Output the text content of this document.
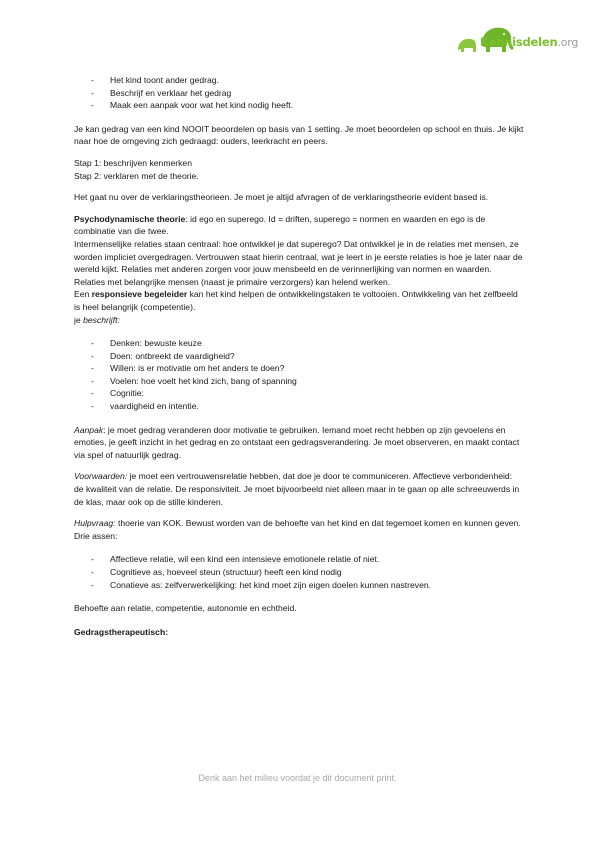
Kennisdelen.org

- Het kind toont ander gedrag.

- Beschrijf en verklaar het gedrag

- Maak een aanpak voor wat het kind nodig heeft.

Je kan gedrag van een kind NOOIT beoordelen op basis van 1 setting. Je moet beoordelen op school en thuis. Je kijkt naar hoe de omgeving zich gedraagd: ouders, leerkracht en peers.

Stap 1: beschrijven kenmerken

Stap 2: verklaren met de theorie.

Het gaat nu over de verklaringstheorieen. Je moet je altijd afvragen of de verklaringstheorie evident based is.

Psychodynamische theorie: id ego en superego. Id = driften, superego = normen en waarden en ego is de combinatie van die twee.

Intermenselijke relaties staan centraal: hoe ontwikkel je dat superego? Dat ontwikkel je in de relaties met mensen, ze worden impliciet overgedragen. Vertrouwen staat hierin centraal, wat je leert in je eerste relaties is hoe je later naar de wereld kijkt. Relaties met anderen zorgen voor jouw mensbeeld en de verinnerlijking van normen en waarden. Relaties met belangrijke mensen (naast je primaire verzorgers) kan helend werken.

Een responsieve begeleider kan het kind helpen de ontwikkelingstaken te voltooien. Ontwikkeling van het zelfbeeld is heel belangrijk (competentie).

je beschrijft:

- Denken: bewuste keuze

- Doen: ontbreekt de vaardigheid?

- Willen: is er motivatie om het anders te doen?

- Voelen: hoe voelt het kind zich, bang of spanning

- Cognitie:

- vaardigheid en intentie.

Aanpak: je moet gedrag veranderen door motivatie te gebruiken. Iemand moet recht hebben op zijn gevoelens en emoties, je geeft inzicht in het gedrag en zo ontstaat een gedragsverandering. Je moet observeren, en maakt contact via spel of natuurlijk gedrag.

Voorwaarden: je moet een vertrouwensrelatie hebben, dat doe je door te communiceren. Affectieve verbondenheid: de kwaliteit van de relatie. De responsiviteit. Je moet bijvoorbeeld niet alleen maar in te gaan op alle schreeuwerds in de klas, maar ook op de stille kinderen.

Hulpvraag: thoerie van KOK. Bewust worden van de behoefte van het kind en dat tegemoet komen en kunnen geven. Drie assen:

- Affectieve relatie, wil een kind een intensieve emotionele relatie of niet.

- Cognitieve as, hoeveel steun (structuur) heeft een kind nodig

- Conatieve as: zelfverwerkelijking: het kind moet zijn eigen doelen kunnen nastreven.

Behoefte aan relatie, competentie, autonomie en echtheid.

Gedragstherapeutisch:

Denk aan het milieu voordat je dit document print.
